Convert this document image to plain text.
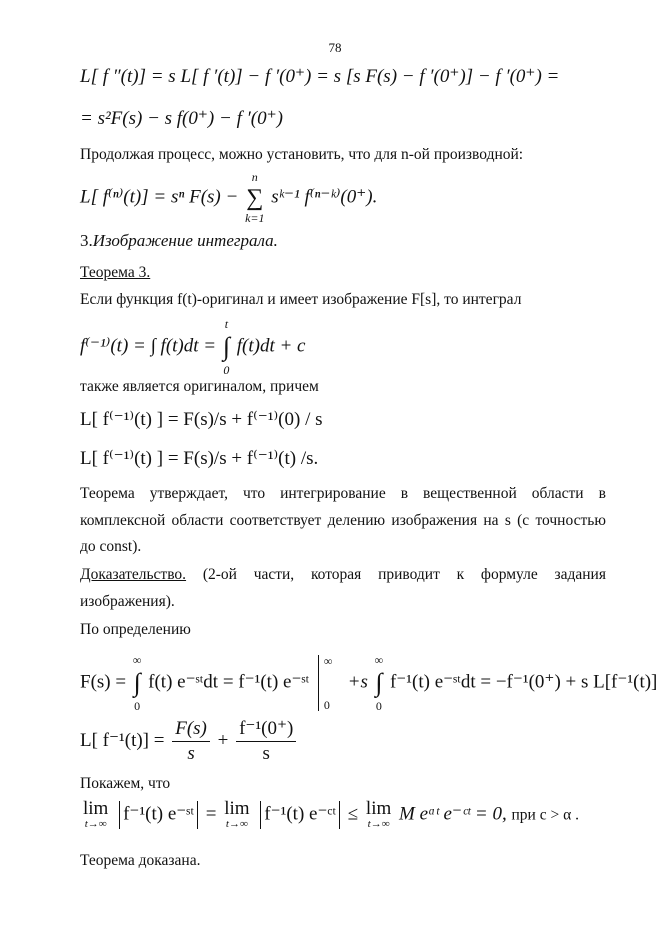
78
L[ f ″(t)] = s L[ f ′(t)] − f ′(0⁺) = s [s F(s) − f ′(0⁺)] − f ′(0⁺) =
= s²F(s) − s f(0⁺) − f ′(0⁺)
Продолжая процесс, можно установить, что для n-ой производной:
L[ f⁽ⁿ⁾(t)] = sⁿ F(s) −
n
∑
k=1
sᵏ⁻¹ f⁽ⁿ⁻ᵏ⁾(0⁺).
3.Изображение интеграла.
Теорема 3.
Если функция f(t)-оригинал и имеет изображение F[s], то интеграл
f⁽⁻¹⁾(t) = ∫ f(t)dt =
t
∫
0
f(t)dt + c
также является оригиналом, причем
L[ f⁽⁻¹⁾(t) ] = F(s)/s + f⁽⁻¹⁾(0) / s
L[ f⁽⁻¹⁾(t) ] = F(s)/s + f⁽⁻¹⁾(t) /s.
Теорема утверждает, что интегрирование в вещественной области в
комплексной области соответствует делению изображения на s (с точностью
до const).
Доказательство. (2-ой части, которая приводит к формуле задания
изображения).
По определению
F(s) =
∞
∫
0
f(t) e⁻ˢᵗdt = f⁻¹(t) e⁻ˢᵗ
∞
0
+s
∞
∫
0
f⁻¹(t) e⁻ˢᵗdt = −f⁻¹(0⁺) + s L[f⁻¹(t)]
L[ $f^{-1}(t)] = \frac{F(s)}{s} + \frac{\text{f⁻¹(0⁺)}}{s}$
Покажем, что
lim
t→∞ f⁻¹(t) e⁻ˢᵗ = lim
t→∞ f⁻¹(t) e⁻ᶜᵗ ≤ lim
t→∞ M eᵅᵗ e⁻ᶜᵗ = 0, при c > α .
Теорема доказана.
